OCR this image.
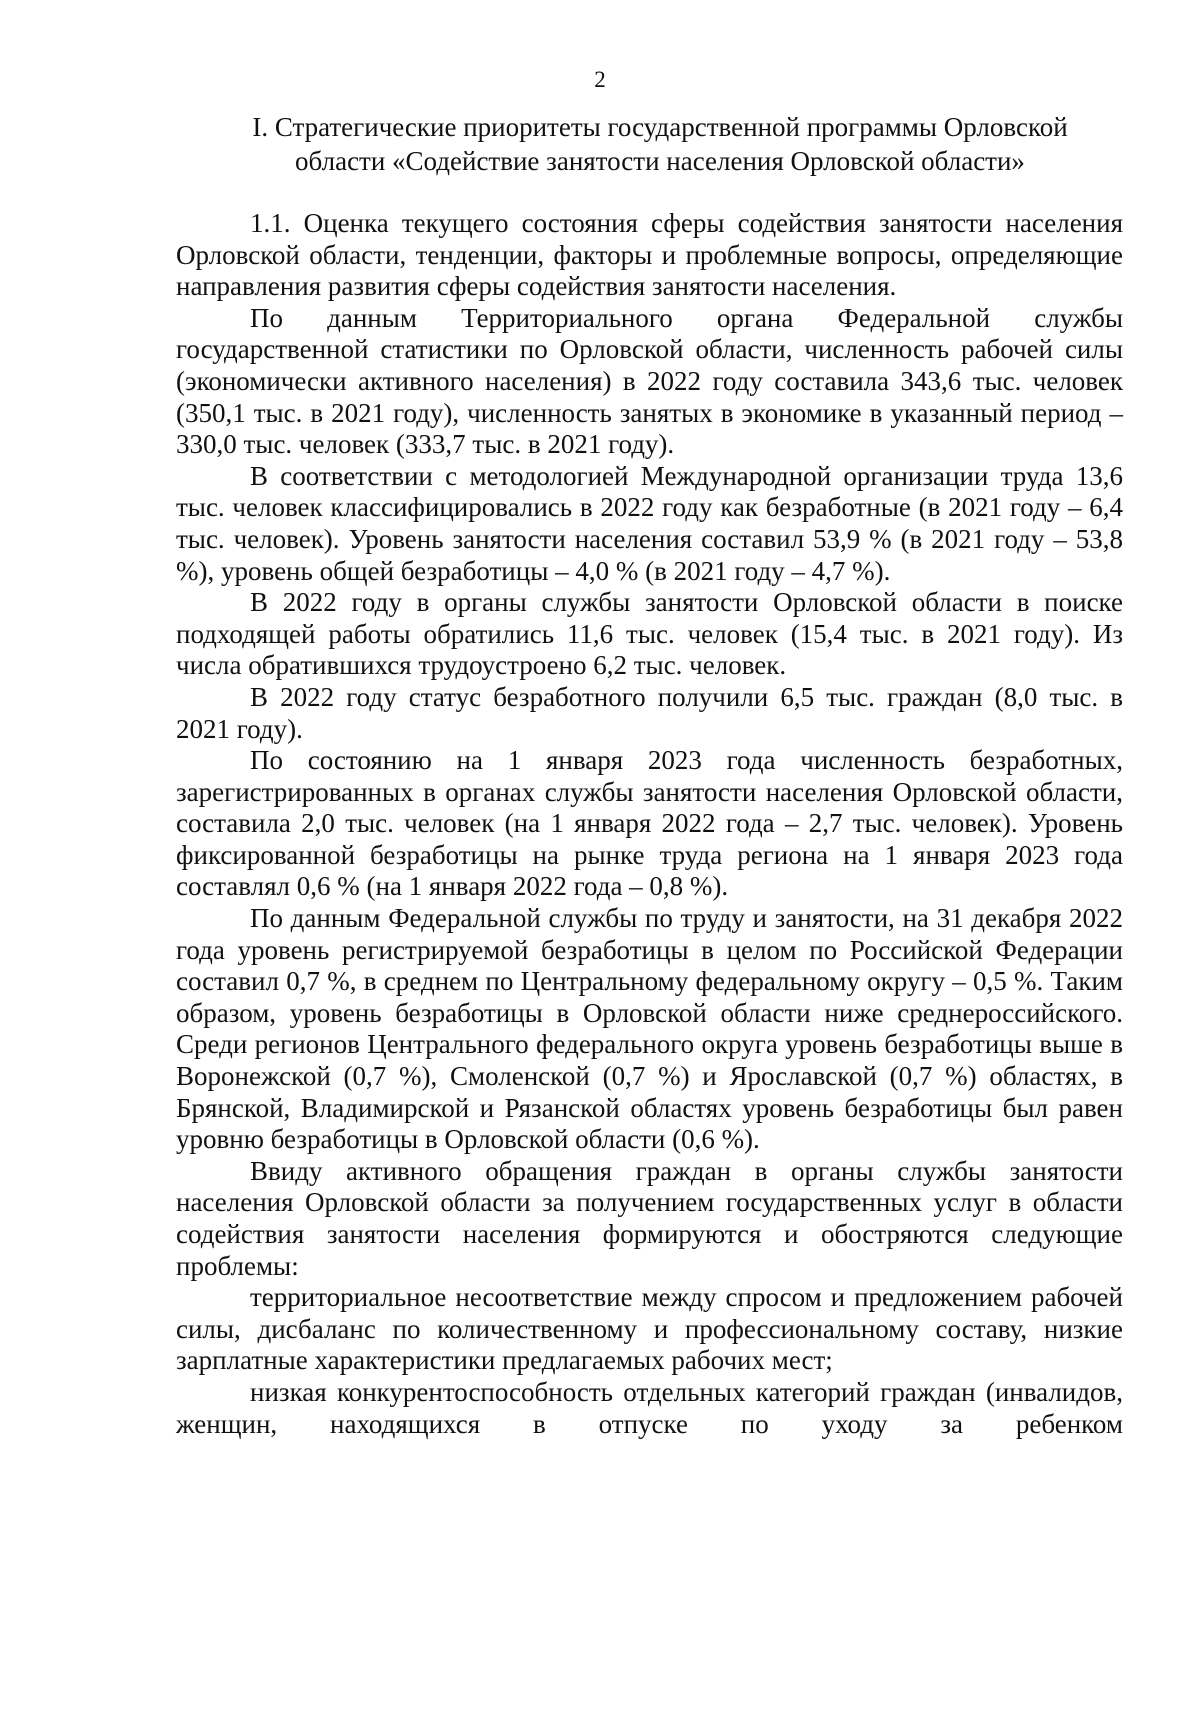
2
I. Стратегические приоритеты государственной программы Орловской
области «Содействие занятости населения Орловской области»

1.1. Оценка текущего состояния сферы содействия занятости населения Орловской области, тенденции, факторы и проблемные вопросы, определяющие направления развития сферы содействия занятости населения.

По данным Территориального органа Федеральной службы государственной статистики по Орловской области, численность рабочей силы (экономически активного населения) в 2022 году составила 343,6 тыс. человек (350,1 тыс. в 2021 году), численность занятых в экономике в указанный период – 330,0 тыс. человек (333,7 тыс. в 2021 году).

В соответствии с методологией Международной организации труда 13,6 тыс. человек классифицировались в 2022 году как безработные (в 2021 году – 6,4 тыс. человек). Уровень занятости населения составил 53,9 % (в 2021 году – 53,8 %), уровень общей безработицы – 4,0 % (в 2021 году – 4,7 %).

В 2022 году в органы службы занятости Орловской области в поиске подходящей работы обратились 11,6 тыс. человек (15,4 тыс. в 2021 году). Из числа обратившихся трудоустроено 6,2 тыс. человек.

В 2022 году статус безработного получили 6,5 тыс. граждан (8,0 тыс. в 2021 году).

По состоянию на 1 января 2023 года численность безработных, зарегистрированных в органах службы занятости населения Орловской области, составила 2,0 тыс. человек (на 1 января 2022 года – 2,7 тыс. человек). Уровень фиксированной безработицы на рынке труда региона на 1 января 2023 года составлял 0,6 % (на 1 января 2022 года – 0,8 %).

По данным Федеральной службы по труду и занятости, на 31 декабря 2022 года уровень регистрируемой безработицы в целом по Российской Федерации составил 0,7 %, в среднем по Центральному федеральному округу – 0,5 %. Таким образом, уровень безработицы в Орловской области ниже среднероссийского. Среди регионов Центрального федерального округа уровень безработицы выше в Воронежской (0,7 %), Смоленской (0,7 %) и Ярославской (0,7 %) областях, в Брянской, Владимирской и Рязанской областях уровень безработицы был равен уровню безработицы в Орловской области (0,6 %).

Ввиду активного обращения граждан в органы службы занятости населения Орловской области за получением государственных услуг в области содействия занятости населения формируются и обостряются следующие проблемы:

территориальное несоответствие между спросом и предложением рабочей силы, дисбаланс по количественному и профессиональному составу, низкие зарплатные характеристики предлагаемых рабочих мест;

низкая конкурентоспособность отдельных категорий граждан (инвалидов, женщин, находящихся в отпуске по уходу за ребенком
